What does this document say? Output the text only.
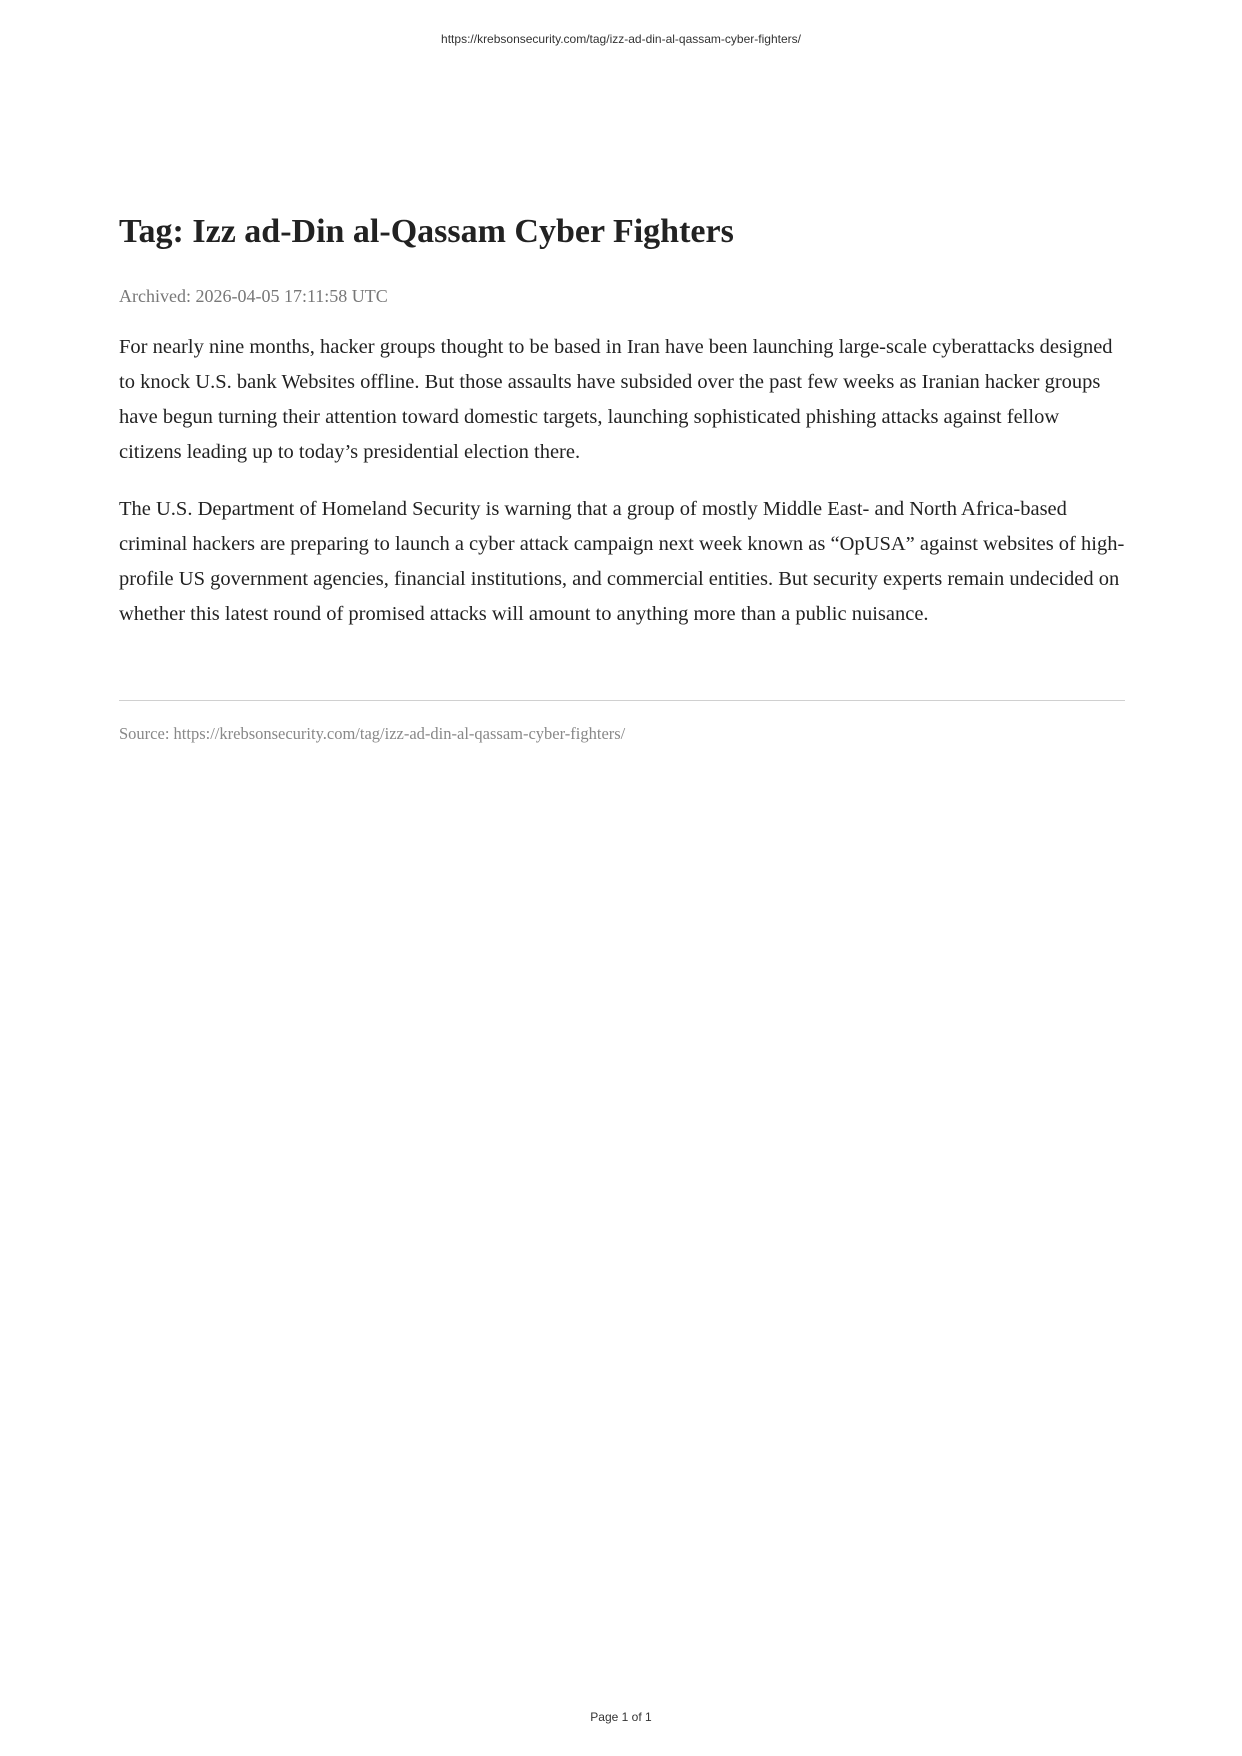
https://krebsonsecurity.com/tag/izz-ad-din-al-qassam-cyber-fighters/
Tag: Izz ad-Din al-Qassam Cyber Fighters
Archived: 2026-04-05 17:11:58 UTC

For nearly nine months, hacker groups thought to be based in Iran have been launching large-scale cyberattacks designed to knock U.S. bank Websites offline. But those assaults have subsided over the past few weeks as Iranian hacker groups have begun turning their attention toward domestic targets, launching sophisticated phishing attacks against fellow citizens leading up to today’s presidential election there.

The U.S. Department of Homeland Security is warning that a group of mostly Middle East- and North Africa-based criminal hackers are preparing to launch a cyber attack campaign next week known as “OpUSA” against websites of high-profile US government agencies, financial institutions, and commercial entities. But security experts remain undecided on whether this latest round of promised attacks will amount to anything more than a public nuisance.

Source: https://krebsonsecurity.com/tag/izz-ad-din-al-qassam-cyber-fighters/
Page 1 of 1
